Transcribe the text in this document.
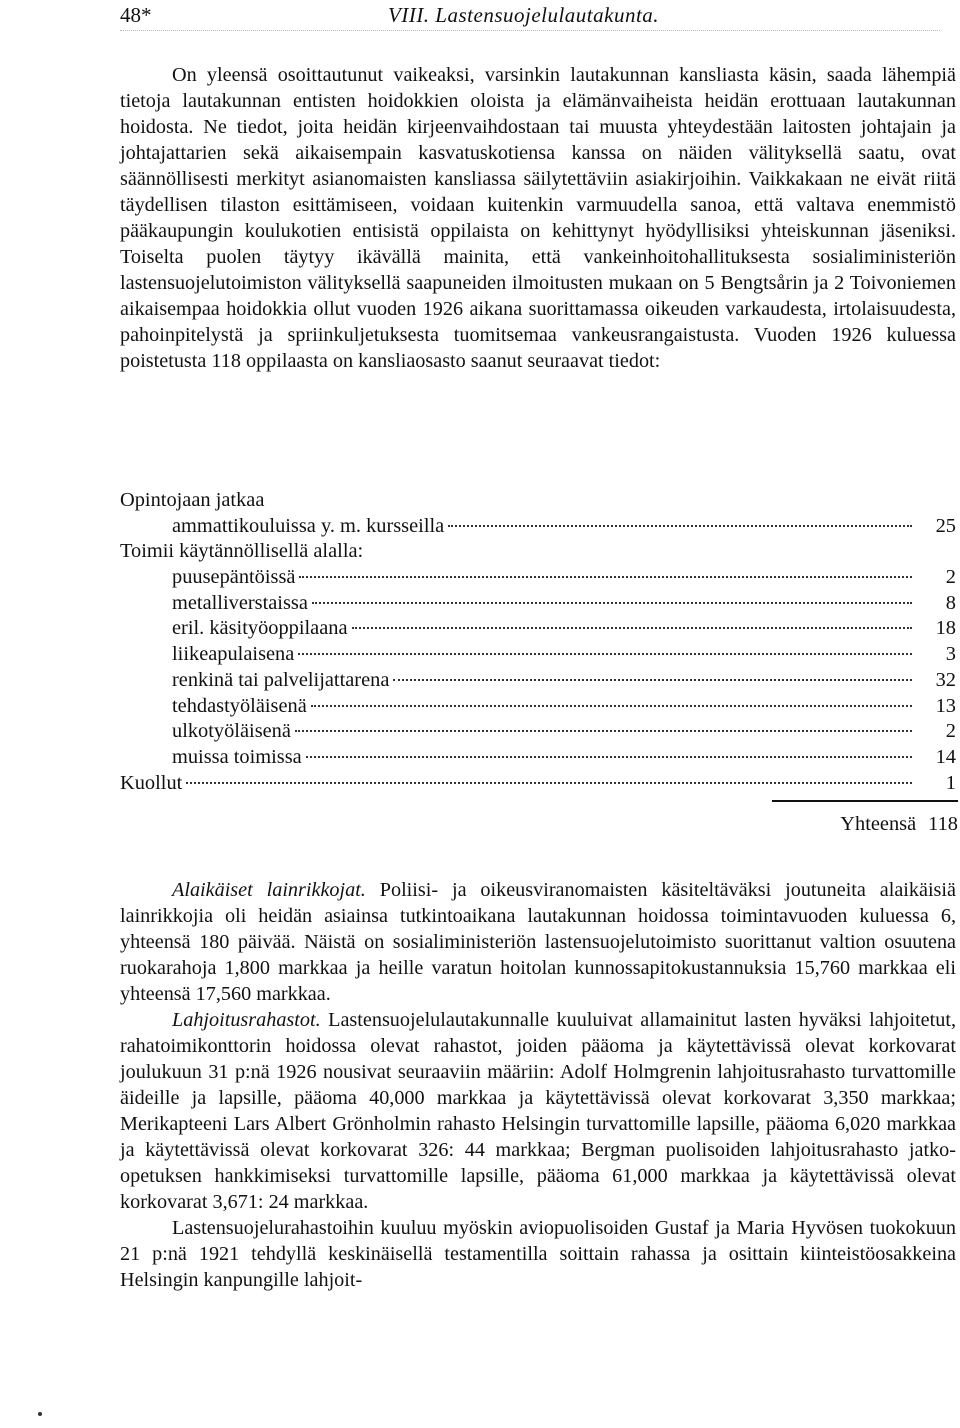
48*	VIII. Lastensuojelulautakunta.

On yleensä osoittautunut vaikeaksi, varsinkin lautakunnan kansliasta käsin, saada lähempiä tietoja lautakunnan entisten hoidokkien oloista ja elämänvaiheista heidän erottuaan lautakunnan hoidosta. Ne tiedot, joita heidän kirjeenvaihdostaan tai muusta yhteydestään laitosten johtajain ja johtajattarien sekä aikaisempain kasvatuskotiensa kanssa on näiden välityksellä saatu, ovat säännöllisesti merkityt asianomaisten kansliassa säilytettäviin asiakirjoihin. Vaikkakaan ne eivät riitä täydellisen tilaston esittämiseen, voidaan kuitenkin varmuudella sanoa, että valtava enemmistö pääkaupungin koulukotien entisistä oppilaista on kehittynyt hyödyllisiksi yhteiskunnan jäseniksi. Toiselta puolen täytyy ikävällä mainita, että vankeinhoitohallituksesta sosialiministeriön lastensuojelutoimiston välityksellä saapuneiden ilmoitusten mukaan on 5 Bengtsårin ja 2 Toivoniemen aikaisempaa hoidokkia ollut vuoden 1926 aikana suorittamassa oikeuden varkaudesta, irtolaisuudesta, pahoinpitelystä ja spriinkuljetuksesta tuomitsemaa vankeusrangaistusta. Vuoden 1926 kuluessa poistetusta 118 oppilaasta on kansliaosasto saanut seuraavat tiedot:

Opintojaan jatkaa
ammattikouluissa y. m. kursseilla	25
Toimii käytännöllisellä alalla:
puusepäntöissä	2
metalliverstaissa	8
eril. käsityöoppilaana	18
liikeapulaisena	3
renkinä tai palvelijattarena	32
tehdastyöläisenä	13
ulkotyöläisenä	2
muissa toimissa	14
Kuollut	1
Yhteensä 118

Alaikäiset lainrikkojat. Poliisi- ja oikeusviranomaisten käsiteltäväksi joutuneita alaikäisiä lainrikkojia oli heidän asiainsa tutkintoaikana lautakunnan hoidossa toimintavuoden kuluessa 6, yhteensä 180 päivää. Näistä on sosialiministeriön lastensuojelutoimisto suorittanut valtion osuutena ruokarahoja 1,800 markkaa ja heille varatun hoitolan kunnossapitokustannuksia 15,760 markkaa eli yhteensä 17,560 markkaa.

Lahjoitusrahastot. Lastensuojelulautakunnalle kuuluivat allamainitut lasten hyväksi lahjoitetut, rahatoimikonttorin hoidossa olevat rahastot, joiden pääoma ja käytettävissä olevat korkovarat joulukuun 31 p:nä 1926 nousivat seuraaviin määriin: Adolf Holmgrenin lahjoitusrahasto turvattomille äideille ja lapsille, pääoma 40,000 markkaa ja käytettävissä olevat korkovarat 3,350 markkaa; Merikapteeni Lars Albert Grönholmin rahasto Helsingin turvattomille lapsille, pääoma 6,020 markkaa ja käytettävissä olevat korkovarat 326: 44 markkaa; Bergman puolisoiden lahjoitusrahasto jatko-opetuksen hankkimiseksi turvattomille lapsille, pääoma 61,000 markkaa ja käytettävissä olevat korkovarat 3,671: 24 markkaa.

Lastensuojelurahastoihin kuuluu myöskin aviopuolisoiden Gustaf ja Maria Hyvösen tuokokuun 21 p:nä 1921 tehdyllä keskinäisellä testamentilla soittain rahassa ja osittain kiinteistöosakkeina Helsingin kanpungille lahjoit-
